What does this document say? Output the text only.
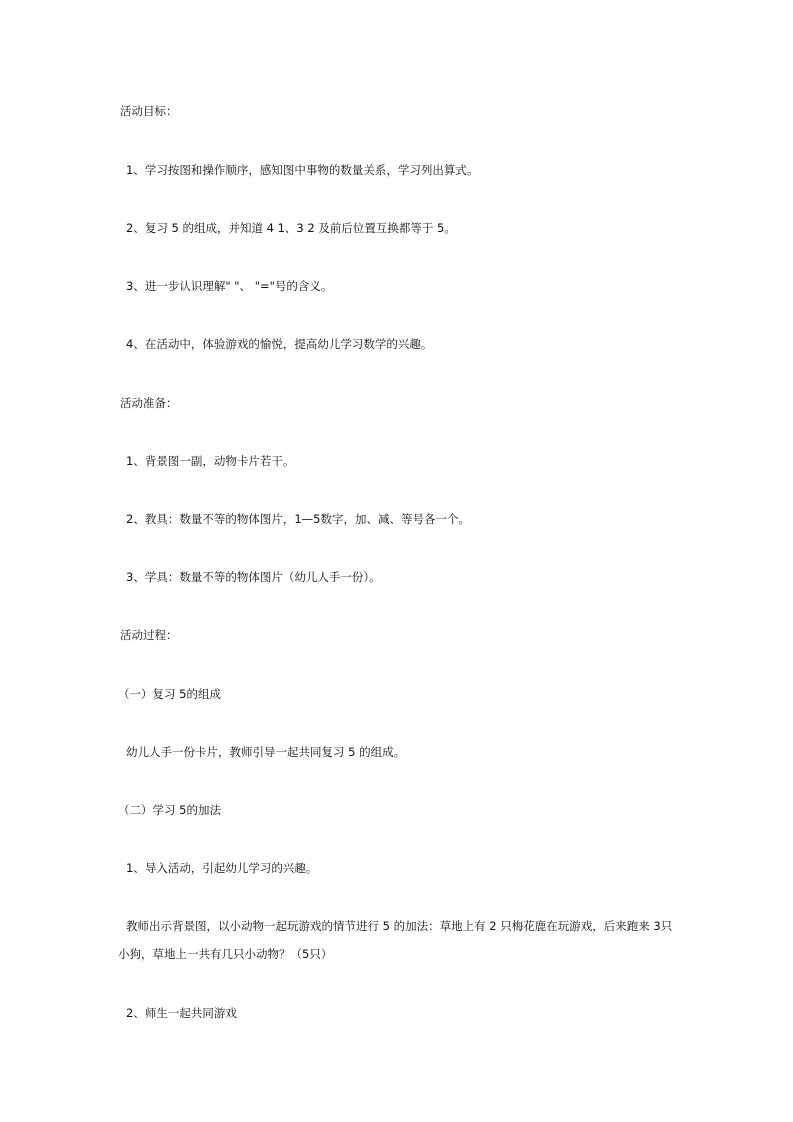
活动目标：
1、学习按图和操作顺序，感知图中事物的数量关系，学习列出算式。
2、复习 5 的组成，并知道 4 1、3 2 及前后位置互换都等于 5。
3、进一步认识理解" "、 "="号的含义。
4、在活动中，体验游戏的愉悦，提高幼儿学习数学的兴趣。
活动准备：
1、背景图一副，动物卡片若干。
2、教具：数量不等的物体图片，1—5数字，加、减、等号各一个。
3、学具：数量不等的物体图片（幼儿人手一份）。
活动过程：
（一）复习 5的组成
幼儿人手一份卡片，教师引导一起共同复习 5 的组成。
（二）学习 5的加法
1、导入活动，引起幼儿学习的兴趣。
教师出示背景图，以小动物一起玩游戏的情节进行 5 的加法：草地上有 2 只梅花鹿在玩游戏，后来跑来 3只小狗，草地上一共有几只小动物？（5只）
2、师生一起共同游戏
